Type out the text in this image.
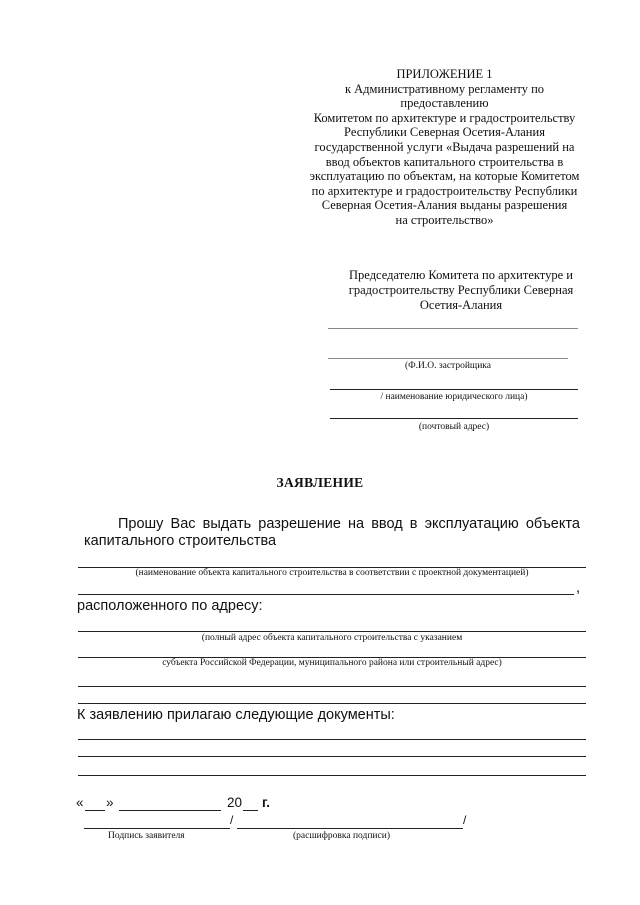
ПРИЛОЖЕНИЕ 1
к Административному регламенту по
предоставлению
Комитетом по архитектуре и градостроительству
Республики Северная Осетия-Алания
государственной услуги «Выдача разрешений на
ввод объектов капитального строительства в
эксплуатацию по объектам, на которые Комитетом
по архитектуре и градостроительству Республики
Северная Осетия-Алания выданы разрешения
на строительство»
Председателю Комитета по архитектуре и
градостроительству Республики Северная
Осетия-Алания
(Ф.И.О. застройщика
/ наименование юридического лица)
(почтовый адрес)
ЗАЯВЛЕНИЕ
Прошу Вас выдать разрешение на ввод в эксплуатацию объекта
капитального строительства
(наименование объекта капитального строительства в соответствии с проектной документацией)
,
расположенного по адресу:
(полный адрес объекта капитального строительства с указанием
субъекта Российской Федерации, муниципального района или строительный адрес)
К заявлению прилагаю следующие документы:
« »	20 г.
/	/
Подпись заявителя	(расшифровка подписи)
